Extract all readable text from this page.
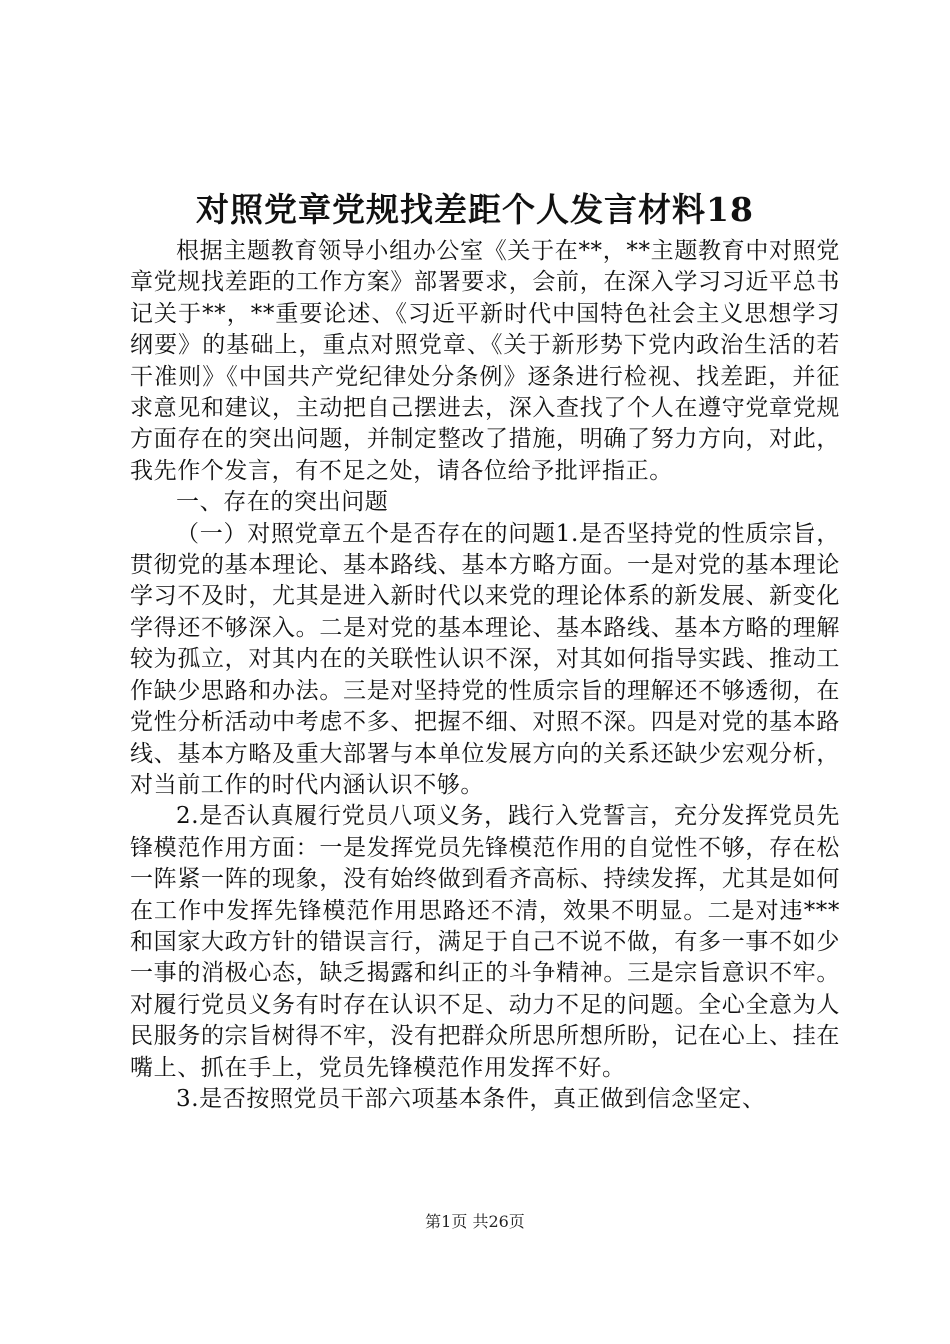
对照党章党规找差距个人发言材料18

根据主题教育领导小组办公室《关于在**，**主题教育中对照党章党规找差距的工作方案》部署要求，会前，在深入学习习近平总书记关于**，**重要论述、《习近平新时代中国特色社会主义思想学习纲要》的基础上，重点对照党章、《关于新形势下党内政治生活的若干准则》《中国共产党纪律处分条例》逐条进行检视、找差距，并征求意见和建议，主动把自己摆进去，深入查找了个人在遵守党章党规方面存在的突出问题，并制定整改了措施，明确了努力方向，对此，我先作个发言，有不足之处，请各位给予批评指正。

一、存在的突出问题

（一）对照党章五个是否存在的问题1.是否坚持党的性质宗旨，贯彻党的基本理论、基本路线、基本方略方面。一是对党的基本理论学习不及时，尤其是进入新时代以来党的理论体系的新发展、新变化学得还不够深入。二是对党的基本理论、基本路线、基本方略的理解较为孤立，对其内在的关联性认识不深，对其如何指导实践、推动工作缺少思路和办法。三是对坚持党的性质宗旨的理解还不够透彻，在党性分析活动中考虑不多、把握不细、对照不深。四是对党的基本路线、基本方略及重大部署与本单位发展方向的关系还缺少宏观分析，对当前工作的时代内涵认识不够。

2.是否认真履行党员八项义务，践行入党誓言，充分发挥党员先锋模范作用方面：一是发挥党员先锋模范作用的自觉性不够，存在松一阵紧一阵的现象，没有始终做到看齐高标、持续发挥，尤其是如何在工作中发挥先锋模范作用思路还不清，效果不明显。二是对违***和国家大政方针的错误言行，满足于自己不说不做，有多一事不如少一事的消极心态，缺乏揭露和纠正的斗争精神。三是宗旨意识不牢。对履行党员义务有时存在认识不足、动力不足的问题。全心全意为人民服务的宗旨树得不牢，没有把群众所思所想所盼，记在心上、挂在嘴上、抓在手上，党员先锋模范作用发挥不好。

3.是否按照党员干部六项基本条件，真正做到信念坚定、

第1页 共26页
